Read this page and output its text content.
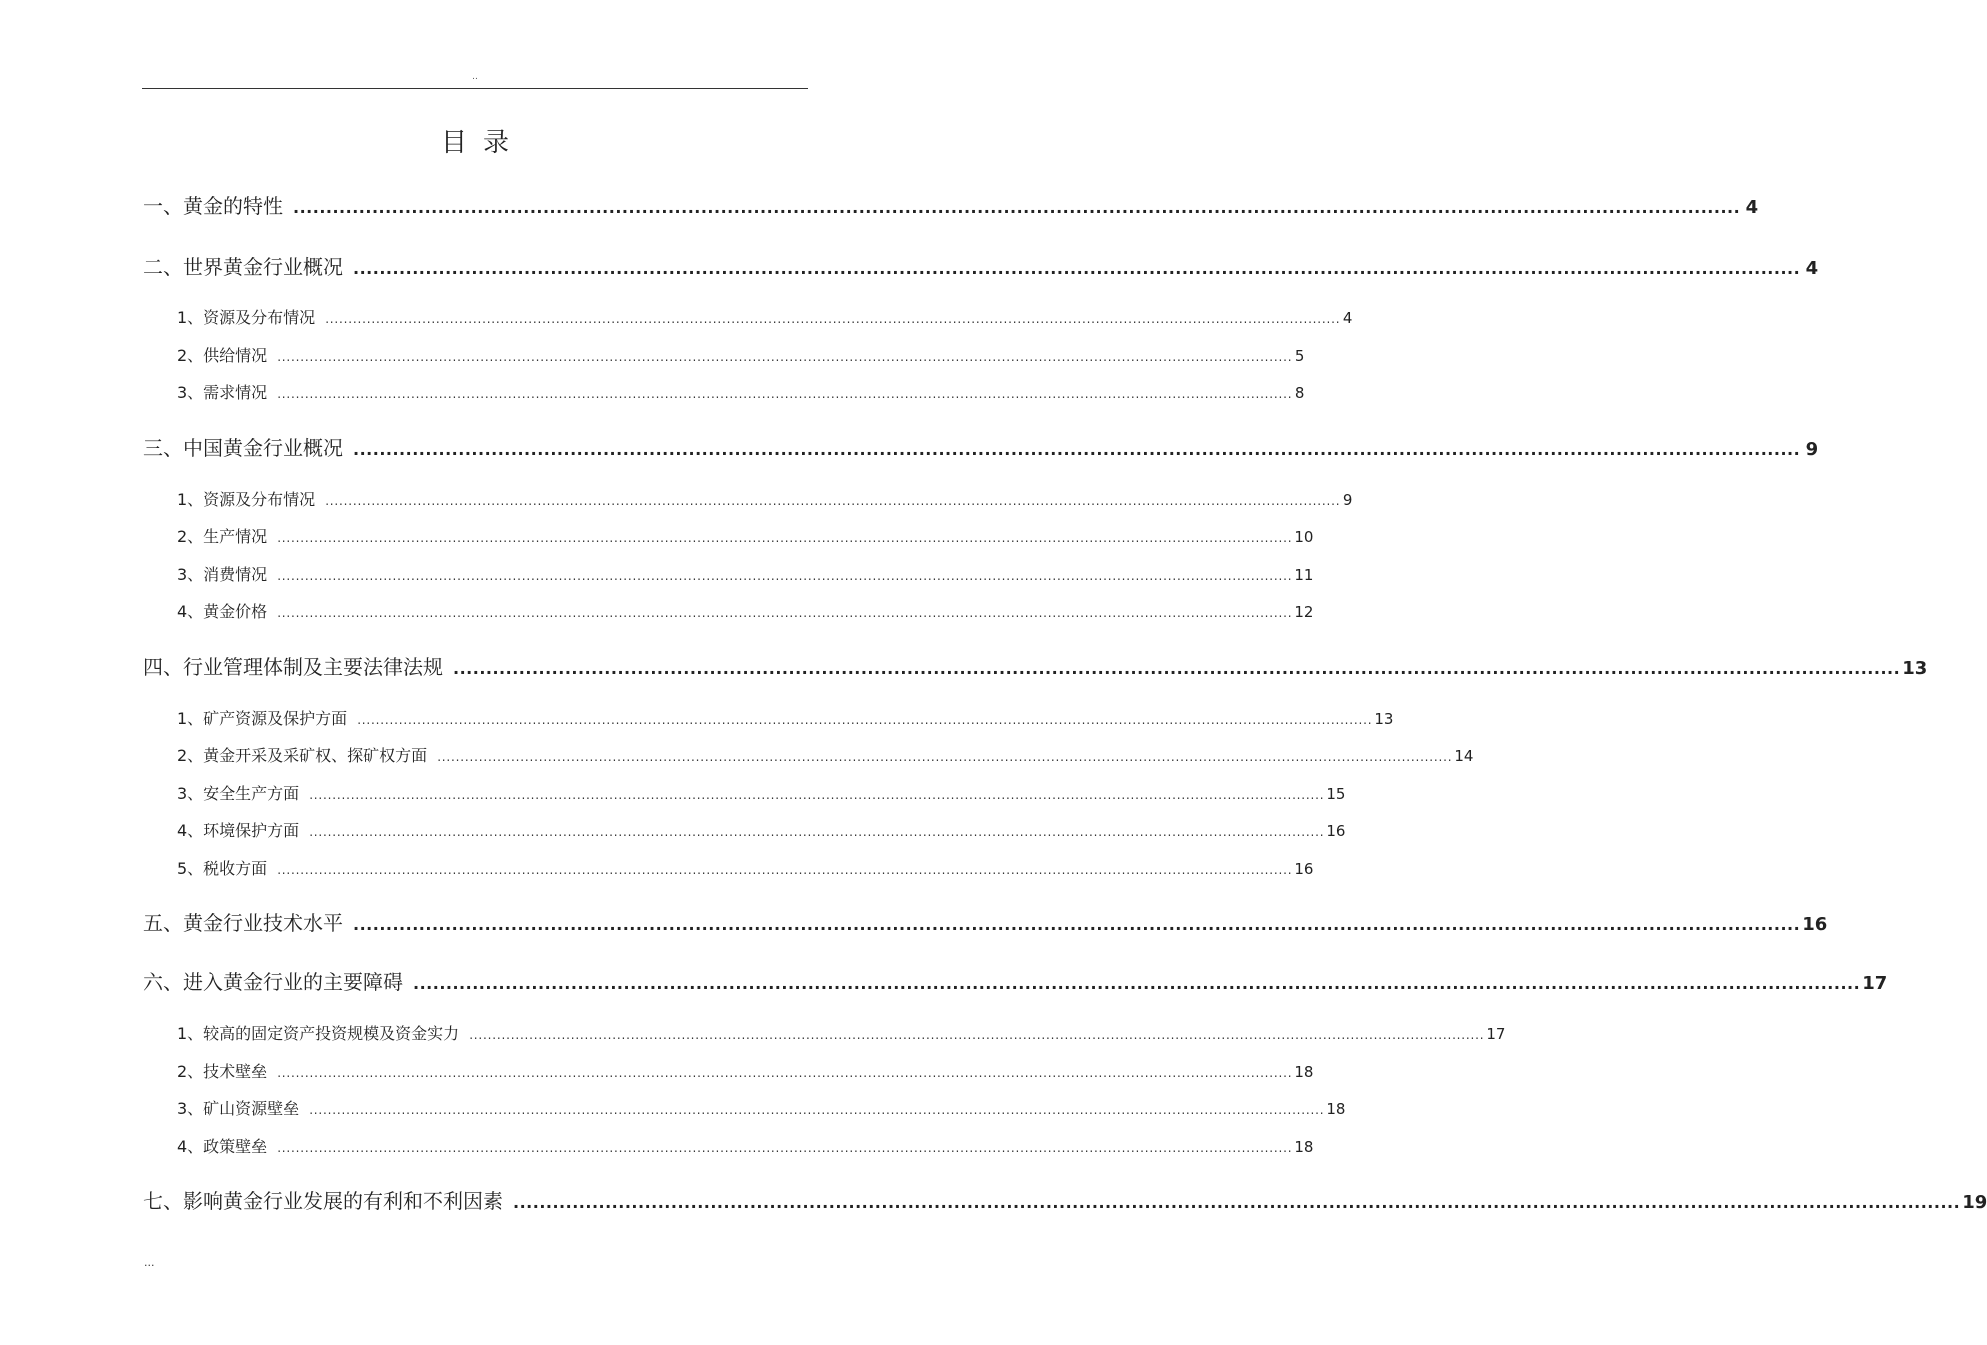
..
目录
一、黄金的特性 ............................................................................................................................................................................................................................ 4
二、世界黄金行业概况 ............................................................................................................................................................................................................................ 4
1、资源及分布情况 ............................................................................................................................................................................................................................ 4
2、供给情况 ............................................................................................................................................................................................................................ 5
3、需求情况 ............................................................................................................................................................................................................................ 8
三、中国黄金行业概况 ............................................................................................................................................................................................................................ 9
1、资源及分布情况 ............................................................................................................................................................................................................................ 9
2、生产情况 ............................................................................................................................................................................................................................ 10
3、消费情况 ............................................................................................................................................................................................................................ 11
4、黄金价格 ............................................................................................................................................................................................................................ 12
四、行业管理体制及主要法律法规 ............................................................................................................................................................................................................................ 13
1、矿产资源及保护方面 ............................................................................................................................................................................................................................ 13
2、黄金开采及采矿权、探矿权方面 ............................................................................................................................................................................................................................ 14
3、安全生产方面 ............................................................................................................................................................................................................................ 15
4、环境保护方面 ............................................................................................................................................................................................................................ 16
5、税收方面 ............................................................................................................................................................................................................................ 16
五、黄金行业技术水平 ............................................................................................................................................................................................................................ 16
六、进入黄金行业的主要障碍 ............................................................................................................................................................................................................................ 17
1、较高的固定资产投资规模及资金实力 ............................................................................................................................................................................................................................ 17
2、技术壁垒 ............................................................................................................................................................................................................................ 18
3、矿山资源壁垒 ............................................................................................................................................................................................................................ 18
4、政策壁垒 ............................................................................................................................................................................................................................ 18
七、影响黄金行业发展的有利和不利因素 ............................................................................................................................................................................................................................ 19
...
